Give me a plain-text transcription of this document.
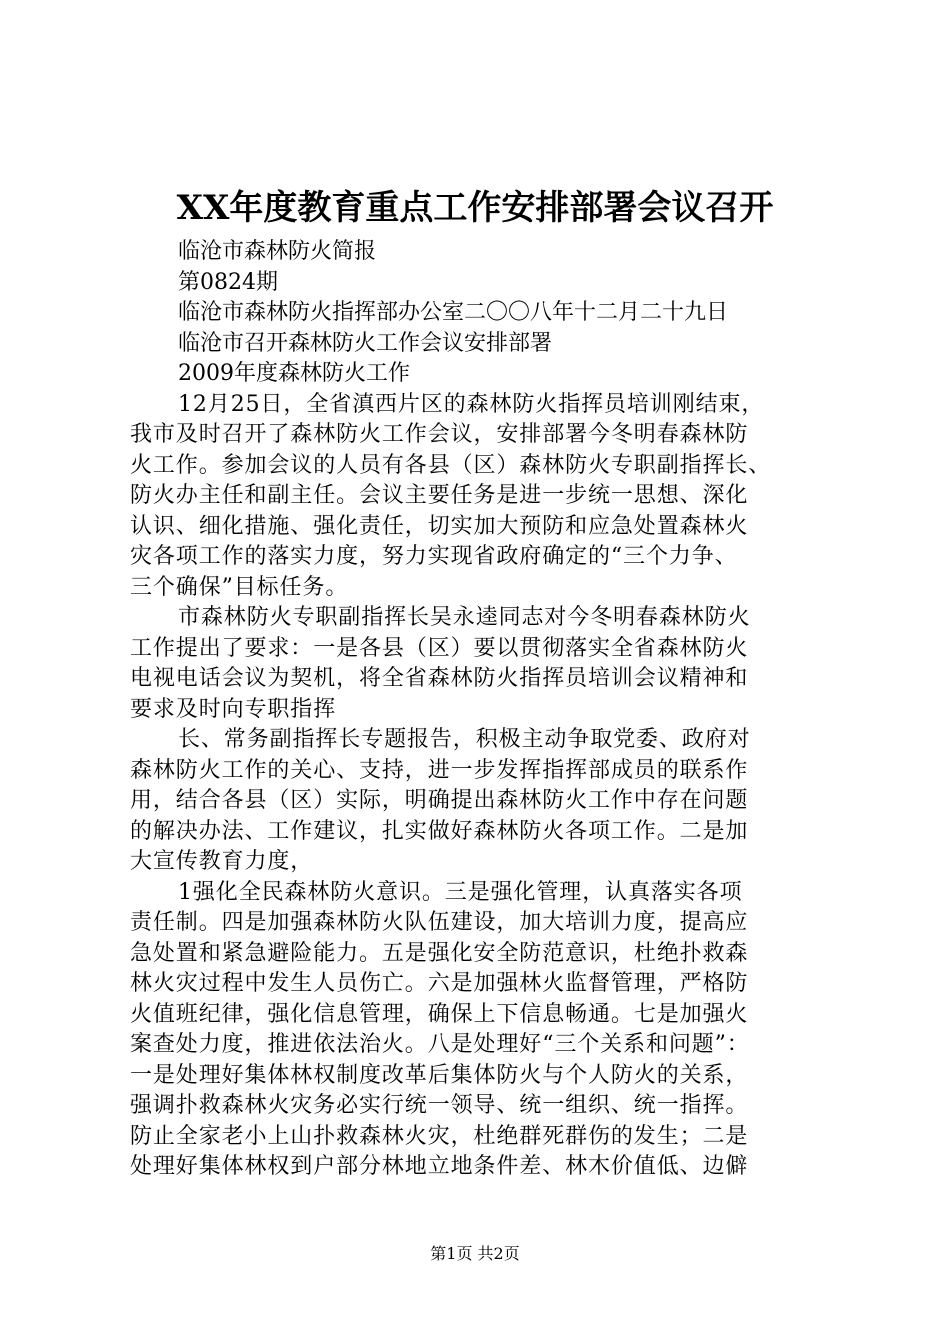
XX年度教育重点工作安排部署会议召开
临沧市森林防火简报
第0824期
临沧市森林防火指挥部办公室二〇〇八年十二月二十九日
临沧市召开森林防火工作会议安排部署
2009年度森林防火工作
12月25日，全省滇西片区的森林防火指挥员培训刚结束，
我市及时召开了森林防火工作会议，安排部署今冬明春森林防
火工作。参加会议的人员有各县（区）森林防火专职副指挥长、
防火办主任和副主任。会议主要任务是进一步统一思想、深化
认识、细化措施、强化责任，切实加大预防和应急处置森林火
灾各项工作的落实力度，努力实现省政府确定的“三个力争、
三个确保”目标任务。
市森林防火专职副指挥长吴永逵同志对今冬明春森林防火
工作提出了要求：一是各县（区）要以贯彻落实全省森林防火
电视电话会议为契机，将全省森林防火指挥员培训会议精神和
要求及时向专职指挥
长、常务副指挥长专题报告，积极主动争取党委、政府对
森林防火工作的关心、支持，进一步发挥指挥部成员的联系作
用，结合各县（区）实际，明确提出森林防火工作中存在问题
的解决办法、工作建议，扎实做好森林防火各项工作。二是加
大宣传教育力度，
1强化全民森林防火意识。三是强化管理，认真落实各项
责任制。四是加强森林防火队伍建设，加大培训力度，提高应
急处置和紧急避险能力。五是强化安全防范意识，杜绝扑救森
林火灾过程中发生人员伤亡。六是加强林火监督管理，严格防
火值班纪律，强化信息管理，确保上下信息畅通。七是加强火
案查处力度，推进依法治火。八是处理好“三个关系和问题”：
一是处理好集体林权制度改革后集体防火与个人防火的关系，
强调扑救森林火灾务必实行统一领导、统一组织、统一指挥。
防止全家老小上山扑救森林火灾，杜绝群死群伤的发生；二是
处理好集体林权到户部分林地立地条件差、林木价值低、边僻
第1页 共2页
